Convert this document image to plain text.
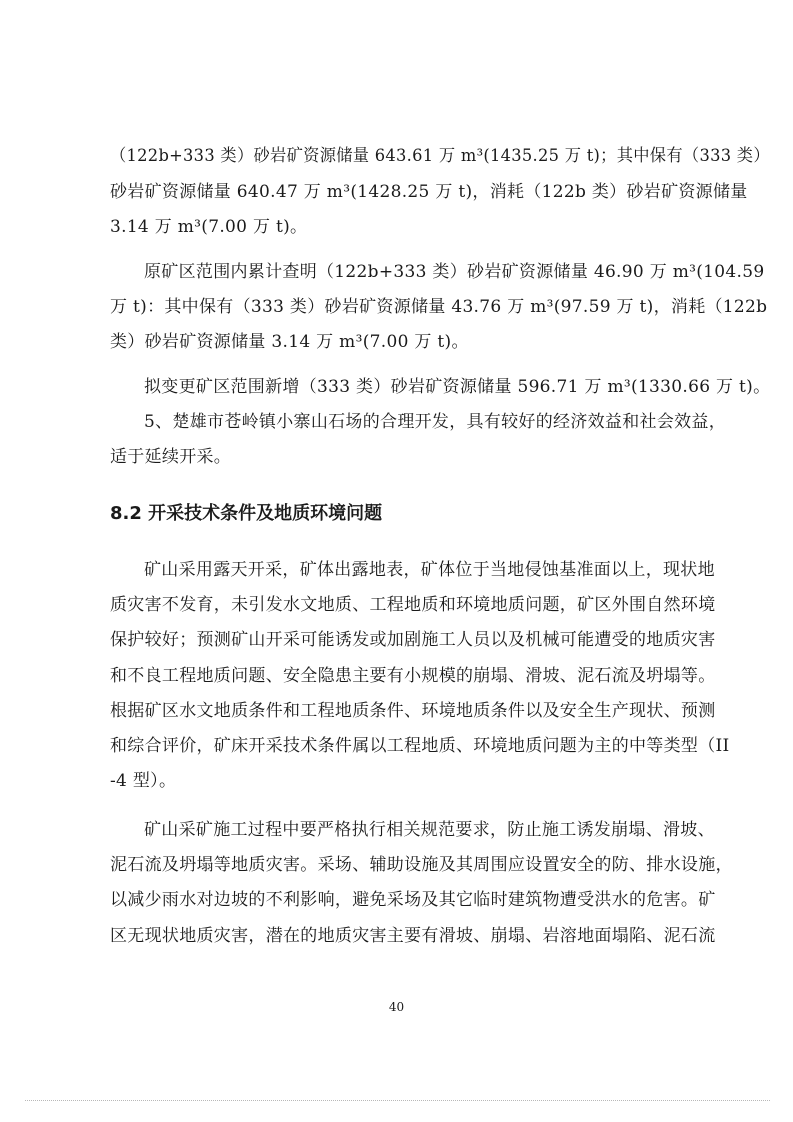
（122b+333 类）砂岩矿资源储量 643.61 万 m³(1435.25 万 t)；其中保有（333 类）
砂岩矿资源储量 640.47 万 m³(1428.25 万 t)，消耗（122b 类）砂岩矿资源储量
3.14 万 m³(7.00 万 t)。
原矿区范围内累计查明（122b+333 类）砂岩矿资源储量 46.90 万 m³(104.59
万 t)：其中保有（333 类）砂岩矿资源储量 43.76 万 m³(97.59 万 t)，消耗（122b
类）砂岩矿资源储量 3.14 万 m³(7.00 万 t)。
拟变更矿区范围新增（333 类）砂岩矿资源储量 596.71 万 m³(1330.66 万 t)。
5、楚雄市苍岭镇小寨山石场的合理开发，具有较好的经济效益和社会效益，
适于延续开采。
8.2 开采技术条件及地质环境问题
矿山采用露天开采，矿体出露地表，矿体位于当地侵蚀基准面以上，现状地
质灾害不发育，未引发水文地质、工程地质和环境地质问题，矿区外围自然环境
保护较好；预测矿山开采可能诱发或加剧施工人员以及机械可能遭受的地质灾害
和不良工程地质问题、安全隐患主要有小规模的崩塌、滑坡、泥石流及坍塌等。
根据矿区水文地质条件和工程地质条件、环境地质条件以及安全生产现状、预测
和综合评价，矿床开采技术条件属以工程地质、环境地质问题为主的中等类型（II
-4 型）。
矿山采矿施工过程中要严格执行相关规范要求，防止施工诱发崩塌、滑坡、
泥石流及坍塌等地质灾害。采场、辅助设施及其周围应设置安全的防、排水设施，
以减少雨水对边坡的不利影响，避免采场及其它临时建筑物遭受洪水的危害。矿
区无现状地质灾害，潜在的地质灾害主要有滑坡、崩塌、岩溶地面塌陷、泥石流
40
